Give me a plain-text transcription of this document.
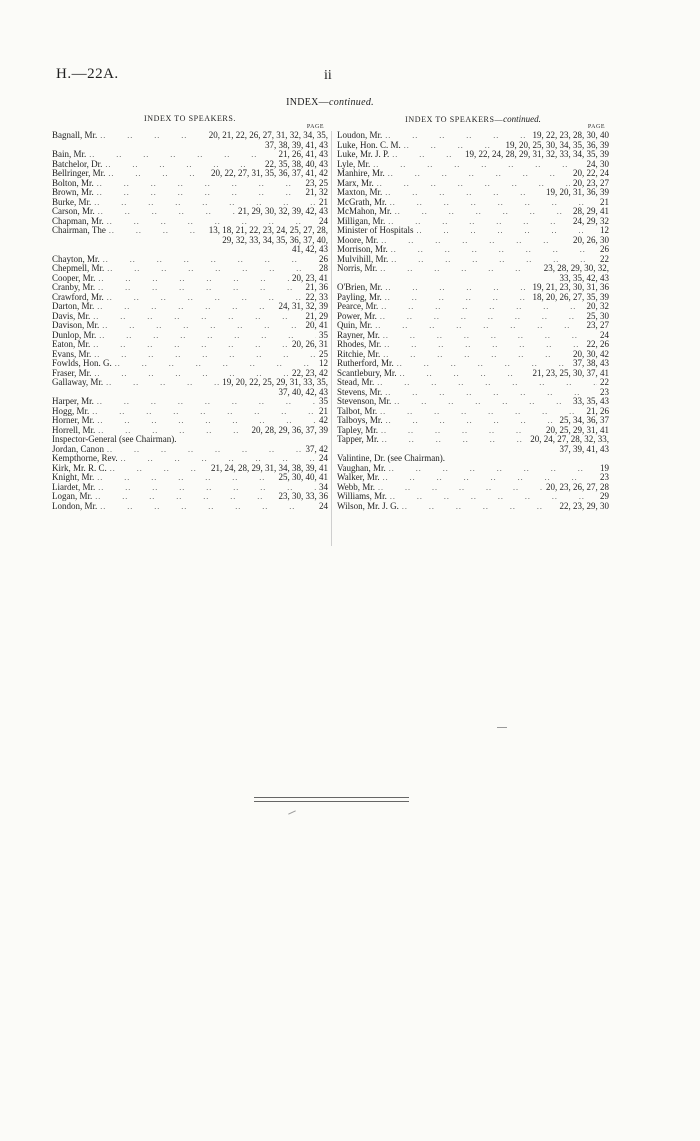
H.—22A.	ii
INDEX—continued.
INDEX TO SPEAKERS.
PAGE
Bagnall, Mr. ..	20, 21, 22, 26, 27, 31, 32, 34, 35,
37, 38, 39, 41, 43
Bain, Mr. ..	21, 26, 41, 43
Batchelor, Dr. ..	22, 35, 38, 40, 43
Bellringer, Mr. ..	20, 22, 27, 31, 35, 36, 37, 41, 42
Bolton, Mr. ..	23, 25
Brown, Mr. ..	21, 32
Burke, Mr. ..	21
Carson, Mr. ..	21, 29, 30, 32, 39, 42, 43
Chapman, Mr. ..	24
Chairman, The ..	13, 18, 21, 22, 23, 24, 25, 27, 28,
29, 32, 33, 34, 35, 36, 37, 40,
41, 42, 43
Chayton, Mr. ..	26
Chepmell, Mr. ..	28
Cooper, Mr. ..	20, 23, 41
Cranby, Mr. ..	21, 36
Crawford, Mr. ..	22, 33
Darton, Mr. ..	24, 31, 32, 39
Davis, Mr. ..	21, 29
Davison, Mr. ..	20, 41
Dunlop, Mr. ..	35
Eaton, Mr. ..	20, 26, 31
Evans, Mr. ..	25
Fowlds, Hon. G. ..	12
Fraser, Mr. ..	22, 23, 42
Gallaway, Mr. ..	19, 20, 22, 25, 29, 31, 33, 35,
37, 40, 42, 43
Harper, Mr. ..	35
Hogg, Mr. ..	21
Horner, Mr. ..	42
Horrell, Mr. ..	20, 28, 29, 36, 37, 39
Inspector-General (see Chairman).
Jordan, Canon ..	37, 42
Kempthorne, Rev. ..	24
Kirk, Mr. R. C. ..	21, 24, 28, 29, 31, 34, 38, 39, 41
Knight, Mr. ..	25, 30, 40, 41
Liardet, Mr. ..	34
Logan, Mr. ..	23, 30, 33, 36
London, Mr. ..	24
INDEX TO SPEAKERS—continued.
PAGE
Loudon, Mr. ..	19, 22, 23, 28, 30, 40
Luke, Hon. C. M. ..	19, 20, 25, 30, 34, 35, 36, 39
Luke, Mr. J. P. ..	19, 22, 24, 28, 29, 31, 32, 33, 34, 35, 39
Lyle, Mr. ..	24, 30
Manhire, Mr. ..	20, 22, 24
Marx, Mr. ..	20, 23, 27
Maxton, Mr. ..	19, 20, 31, 36, 39
McGrath, Mr. ..	21
McMahon, Mr. ..	28, 29, 41
Milligan, Mr. ..	24, 29, 32
Minister of Hospitals ..	12
Moore, Mr. ..	20, 26, 30
Morrison, Mr. ..	26
Mulvihill, Mr. ..	22
Norris, Mr. ..	23, 28, 29, 30, 32,
33, 35, 42, 43
O'Brien, Mr. ..	19, 21, 23, 30, 31, 36
Payling, Mr. ..	18, 20, 26, 27, 35, 39
Pearce, Mr. ..	20, 32
Power, Mr. ..	25, 30
Quin, Mr. ..	23, 27
Rayner, Mr. ..	24
Rhodes, Mr. ..	22, 26
Ritchie, Mr. ..	20, 30, 42
Rutherford, Mr. ..	37, 38, 43
Scantlebury, Mr. ..	21, 23, 25, 30, 37, 41
Stead, Mr. ..	22
Stevens, Mr. ..	23
Stevenson, Mr. ..	33, 35, 43
Talbot, Mr. ..	21, 26
Talboys, Mr. ..	25, 34, 36, 37
Tapley, Mr. ..	20, 25, 29, 31, 41
Tapper, Mr. ..	20, 24, 27, 28, 32, 33,
37, 39, 41, 43
Valintine, Dr. (see Chairman).
Vaughan, Mr. ..	19
Walker, Mr. ..	23
Webb, Mr. ..	20, 23, 26, 27, 28
Williams, Mr. ..	29
Wilson, Mr. J. G. ..	22, 23, 29, 30
